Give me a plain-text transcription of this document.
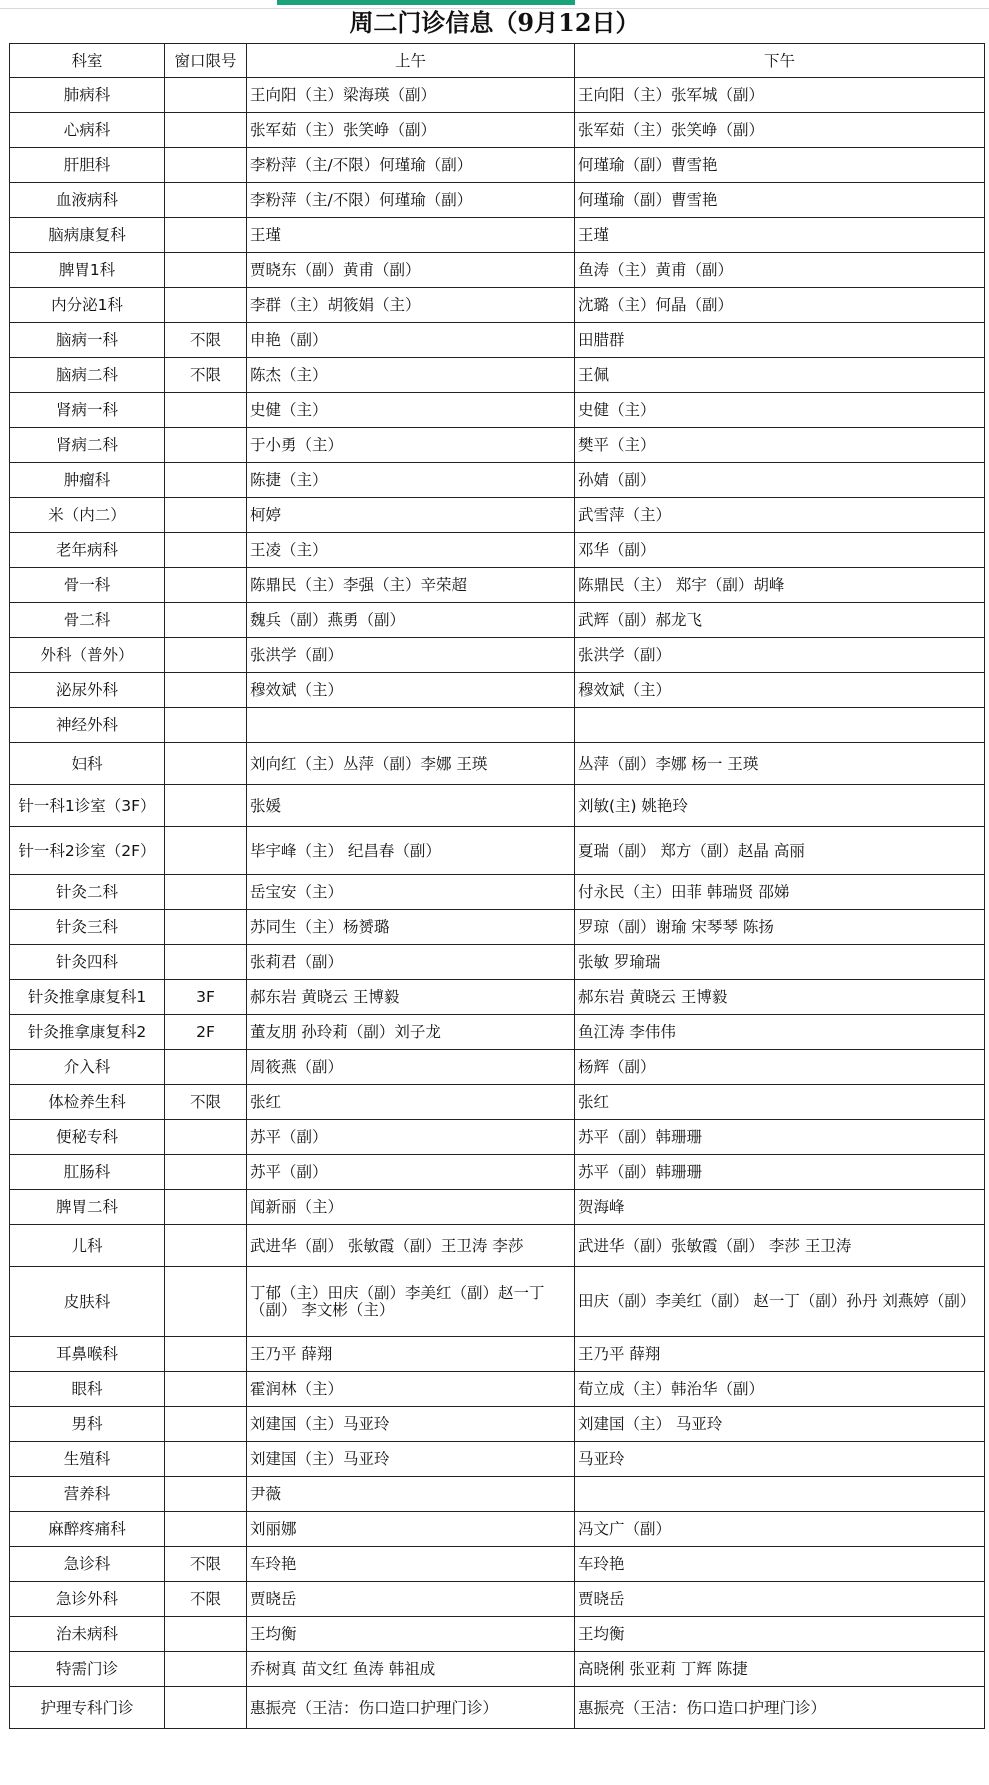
周二门诊信息（9月12日）
科室	窗口限号	上午	下午
肺病科		王向阳（主）梁海瑛（副）	王向阳（主）张军城（副）
心病科		张军茹（主）张笑峥（副）	张军茹（主）张笑峥（副）
肝胆科		李粉萍（主/不限）何瑾瑜（副）	何瑾瑜（副）曹雪艳
血液病科		李粉萍（主/不限）何瑾瑜（副）	何瑾瑜（副）曹雪艳
脑病康复科		王瑾	王瑾
脾胃1科		贾晓东（副）黄甫（副）	鱼涛（主）黄甫（副）
内分泌1科		李群（主）胡筱娟（主）	沈璐（主）何晶（副）
脑病一科	不限	申艳（副）	田腊群
脑病二科	不限	陈杰（主）	王佩
肾病一科		史健（主）	史健（主）
肾病二科		于小勇（主）	樊平（主）
肿瘤科		陈捷（主）	孙婧（副）
米（内二）		柯婷	武雪萍（主）
老年病科		王凌（主）	邓华（副）
骨一科		陈鼎民（主）李强（主）辛荣超	陈鼎民（主） 郑宇（副）胡峰
骨二科		魏兵（副）燕勇（副）	武辉（副）郝龙飞
外科（普外）		张洪学（副）	张洪学（副）
泌尿外科		穆效斌（主）	穆效斌（主）
神经外科			
妇科		刘向红（主）丛萍（副）李娜 王瑛	丛萍（副）李娜 杨一 王瑛
针一科1诊室（3F）		张媛	刘敏(主) 姚艳玲
针一科2诊室（2F）		毕宇峰（主） 纪昌春（副）	夏瑞（副） 郑方（副）赵晶 高丽
针灸二科		岳宝安（主）	付永民（主）田菲 韩瑞贤 邵娣
针灸三科		苏同生（主）杨赟璐	罗琼（副）谢瑜 宋琴琴 陈扬
针灸四科		张莉君（副）	张敏 罗瑜瑞
针灸推拿康复科1	3F	郝东岩 黄晓云 王博毅	郝东岩 黄晓云 王博毅
针灸推拿康复科2	2F	董友朋 孙玲莉（副）刘子龙	鱼江涛 李伟伟
介入科		周筱燕（副）	杨辉（副）
体检养生科	不限	张红	张红
便秘专科		苏平（副）	苏平（副）韩珊珊
肛肠科		苏平（副）	苏平（副）韩珊珊
脾胃二科		闻新丽（主）	贺海峰
儿科		武进华（副） 张敏霞（副）王卫涛 李莎	武进华（副）张敏霞（副） 李莎 王卫涛
皮肤科		丁郁（主）田庆（副）李美红（副）赵一丁（副） 李文彬（主）	田庆（副）李美红（副） 赵一丁（副）孙丹 刘燕婷（副）
耳鼻喉科		王乃平 薛翔	王乃平 薛翔
眼科		霍润林（主）	荀立成（主）韩治华（副）
男科		刘建国（主）马亚玲	刘建国（主） 马亚玲
生殖科		刘建国（主）马亚玲	马亚玲
营养科		尹薇	
麻醉疼痛科		刘丽娜	冯文广（副）
急诊科	不限	车玲艳	车玲艳
急诊外科	不限	贾晓岳	贾晓岳
治未病科		王均衡	王均衡
特需门诊		乔树真 苗文红 鱼涛 韩祖成	高晓俐 张亚莉 丁辉 陈捷
护理专科门诊		惠振亮（王洁：伤口造口护理门诊）	惠振亮（王洁：伤口造口护理门诊）
